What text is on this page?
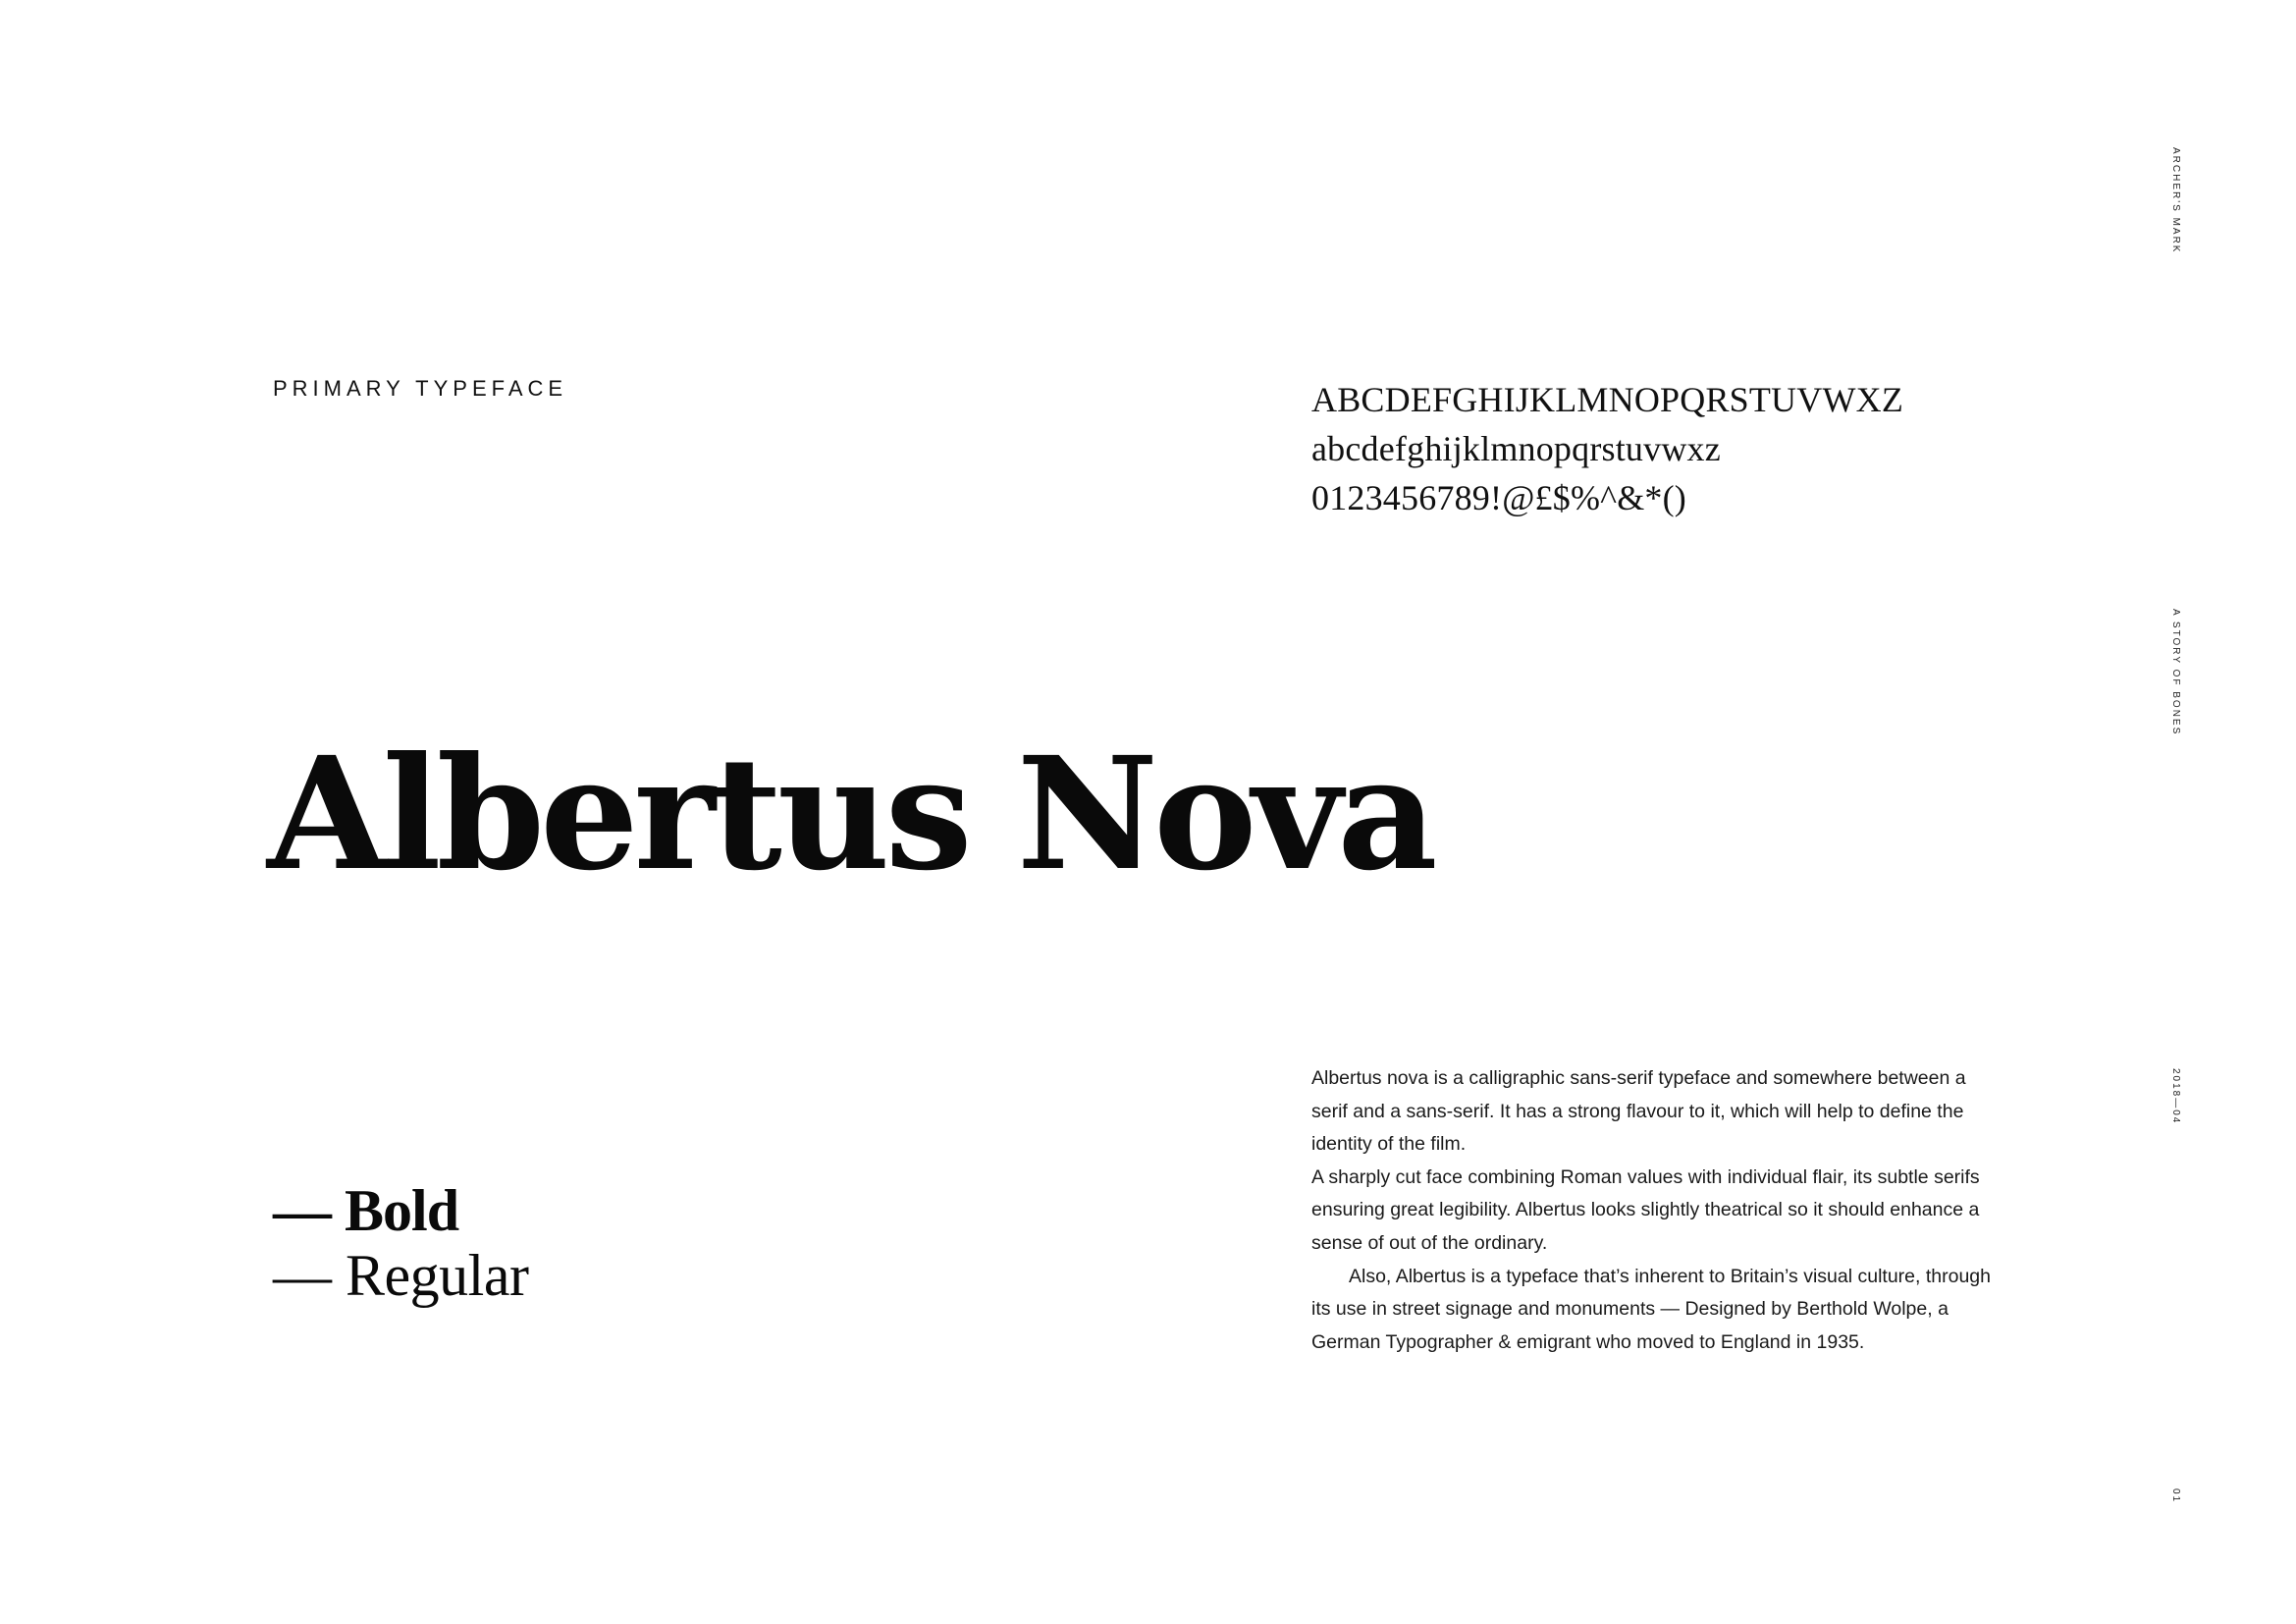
PRIMARY TYPEFACE	ABCDEFGHIJKLMNOPQRSTUVWXZ
abcdefghijklmnopqrstuvwxz
0123456789!@£$%^&*()
Albertus Nova
— Bold
— Regular

Albertus nova is a calligraphic sans-serif typeface and somewhere between a serif and a sans-serif. It has a strong flavour to it, which will help to define the identity of the film.

A sharply cut face combining Roman values with individual flair, its subtle serifs ensuring great legibility. Albertus looks slightly theatrical so it should enhance a sense of out of the ordinary.

Also, Albertus is a typeface that’s inherent to Britain’s visual culture, through its use in street signage and monuments — Designed by Berthold Wolpe, a German Typographer & emigrant who moved to England in 1935.

ARCHER'S MARK
A STORY OF BONES
2018—04
01
